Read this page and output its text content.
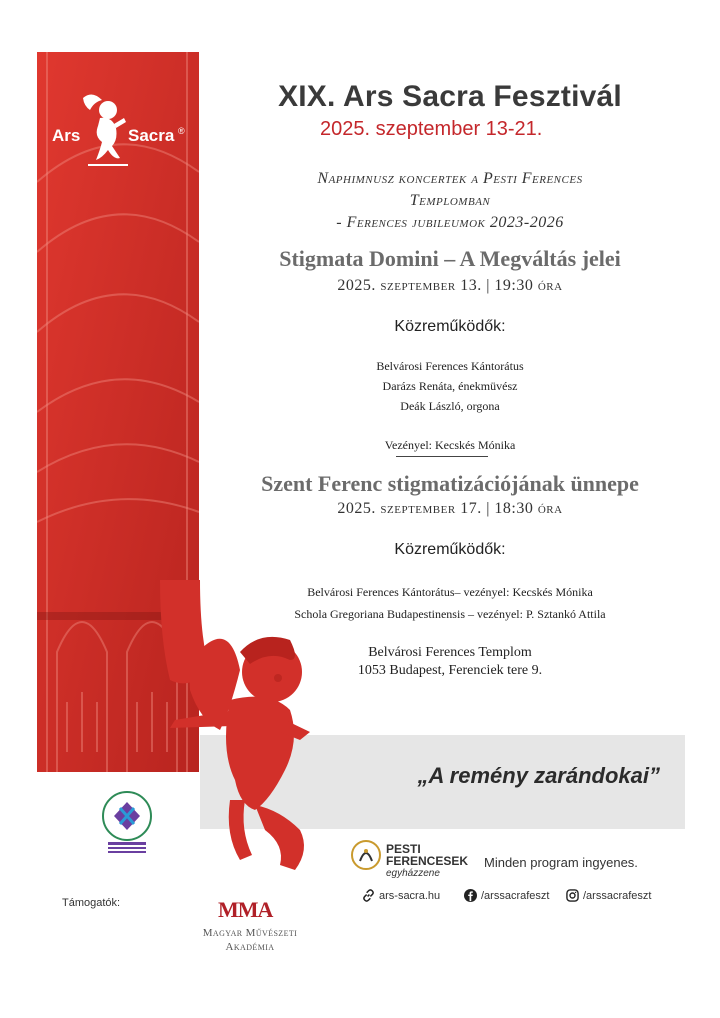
Ars	Sacra ®
XIX. Ars Sacra Fesztivál
2025. szeptember 13-21.
Naphimnusz koncertek a Pesti Ferences
Templomban
- Ferences jubileumok 2023-2026
Stigmata Domini – A Megváltás jelei
2025. szeptember 13. | 19:30 óra
Közreműködők:
Belvárosi Ferences Kántorátus
Darázs Renáta, énekmüvész
Deák László, orgona
Vezényel: Kecskés Mónika
Szent Ferenc stigmatizációjának ünnepe
2025. szeptember 17. | 18:30 óra
Közreműködők:
Belvárosi Ferences Kántorátus– vezényel: Kecskés Mónika
Schola Gregoriana Budapestinensis – vezényel: P. Sztankó Attila
Belvárosi Ferences Templom
1053 Budapest, Ferenciek tere 9.
„A remény zarándokai”
Támogatók:	MMA
Magyar Művészeti
Akadémia
PESTI
FERENCESEK
egyházzene
Minden program ingyenes.
ars-sacra.hu	/arssacrafeszt	/arssacrafeszt
